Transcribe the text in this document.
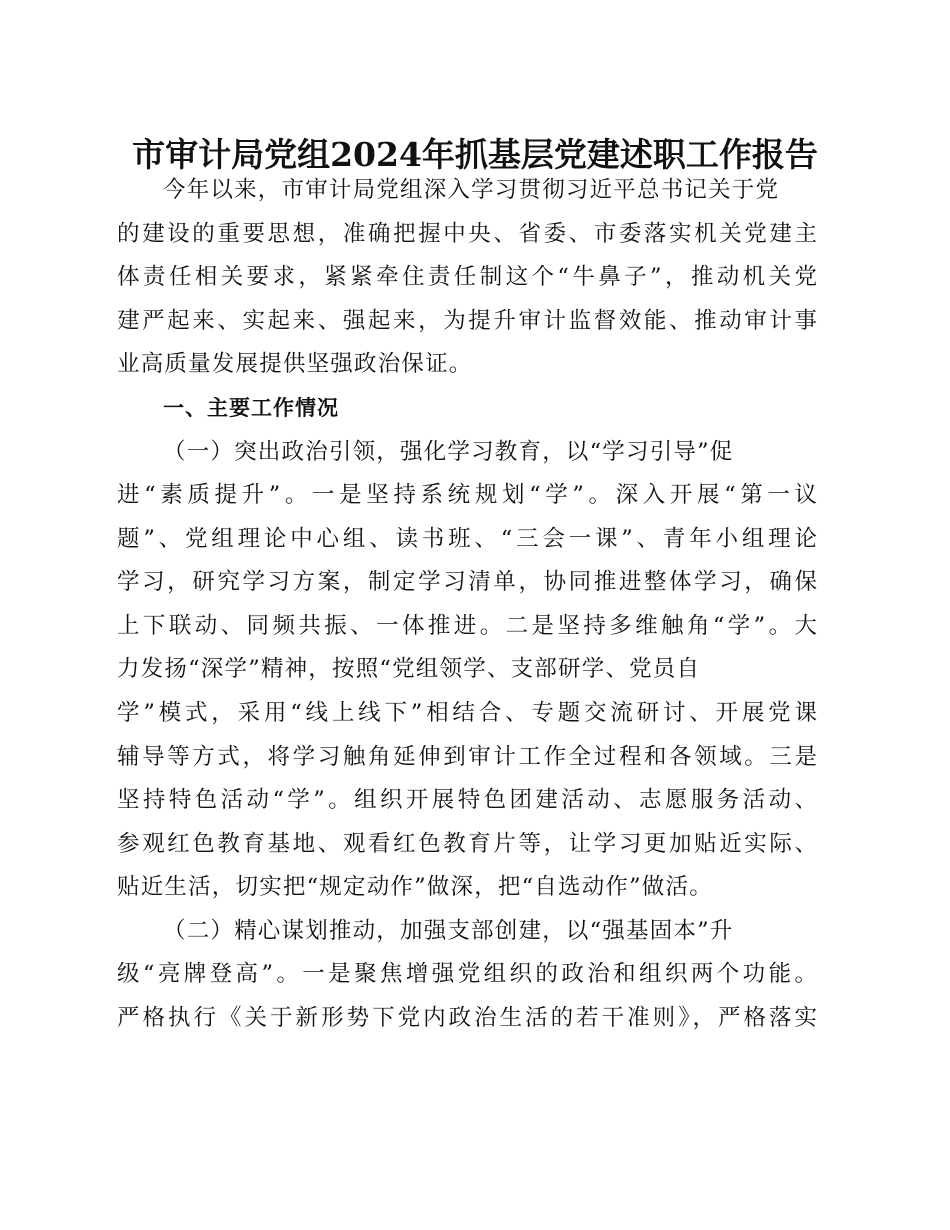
市审计局党组2024年抓基层党建述职工作报告
今年以来，市审计局党组深入学习贯彻习近平总书记关于党
的建设的重要思想，准确把握中央、省委、市委落实机关党建主
体责任相关要求，紧紧牵住责任制这个“牛鼻子”，推动机关党
建严起来、实起来、强起来，为提升审计监督效能、推动审计事
业高质量发展提供坚强政治保证。
一、主要工作情况
（一）突出政治引领，强化学习教育，以“学习引导”促
进“素质提升”。一是坚持系统规划“学”。深入开展“第一议
题”、党组理论中心组、读书班、“三会一课”、青年小组理论
学习，研究学习方案，制定学习清单，协同推进整体学习，确保
上下联动、同频共振、一体推进。二是坚持多维触角“学”。大
力发扬“深学”精神，按照“党组领学、支部研学、党员自
学”模式，采用“线上线下”相结合、专题交流研讨、开展党课
辅导等方式，将学习触角延伸到审计工作全过程和各领域。三是
坚持特色活动“学”。组织开展特色团建活动、志愿服务活动、
参观红色教育基地、观看红色教育片等，让学习更加贴近实际、
贴近生活，切实把“规定动作”做深，把“自选动作”做活。
（二）精心谋划推动，加强支部创建，以“强基固本”升
级“亮牌登高”。一是聚焦增强党组织的政治和组织两个功能。
严格执行《关于新形势下党内政治生活的若干准则》，严格落实
